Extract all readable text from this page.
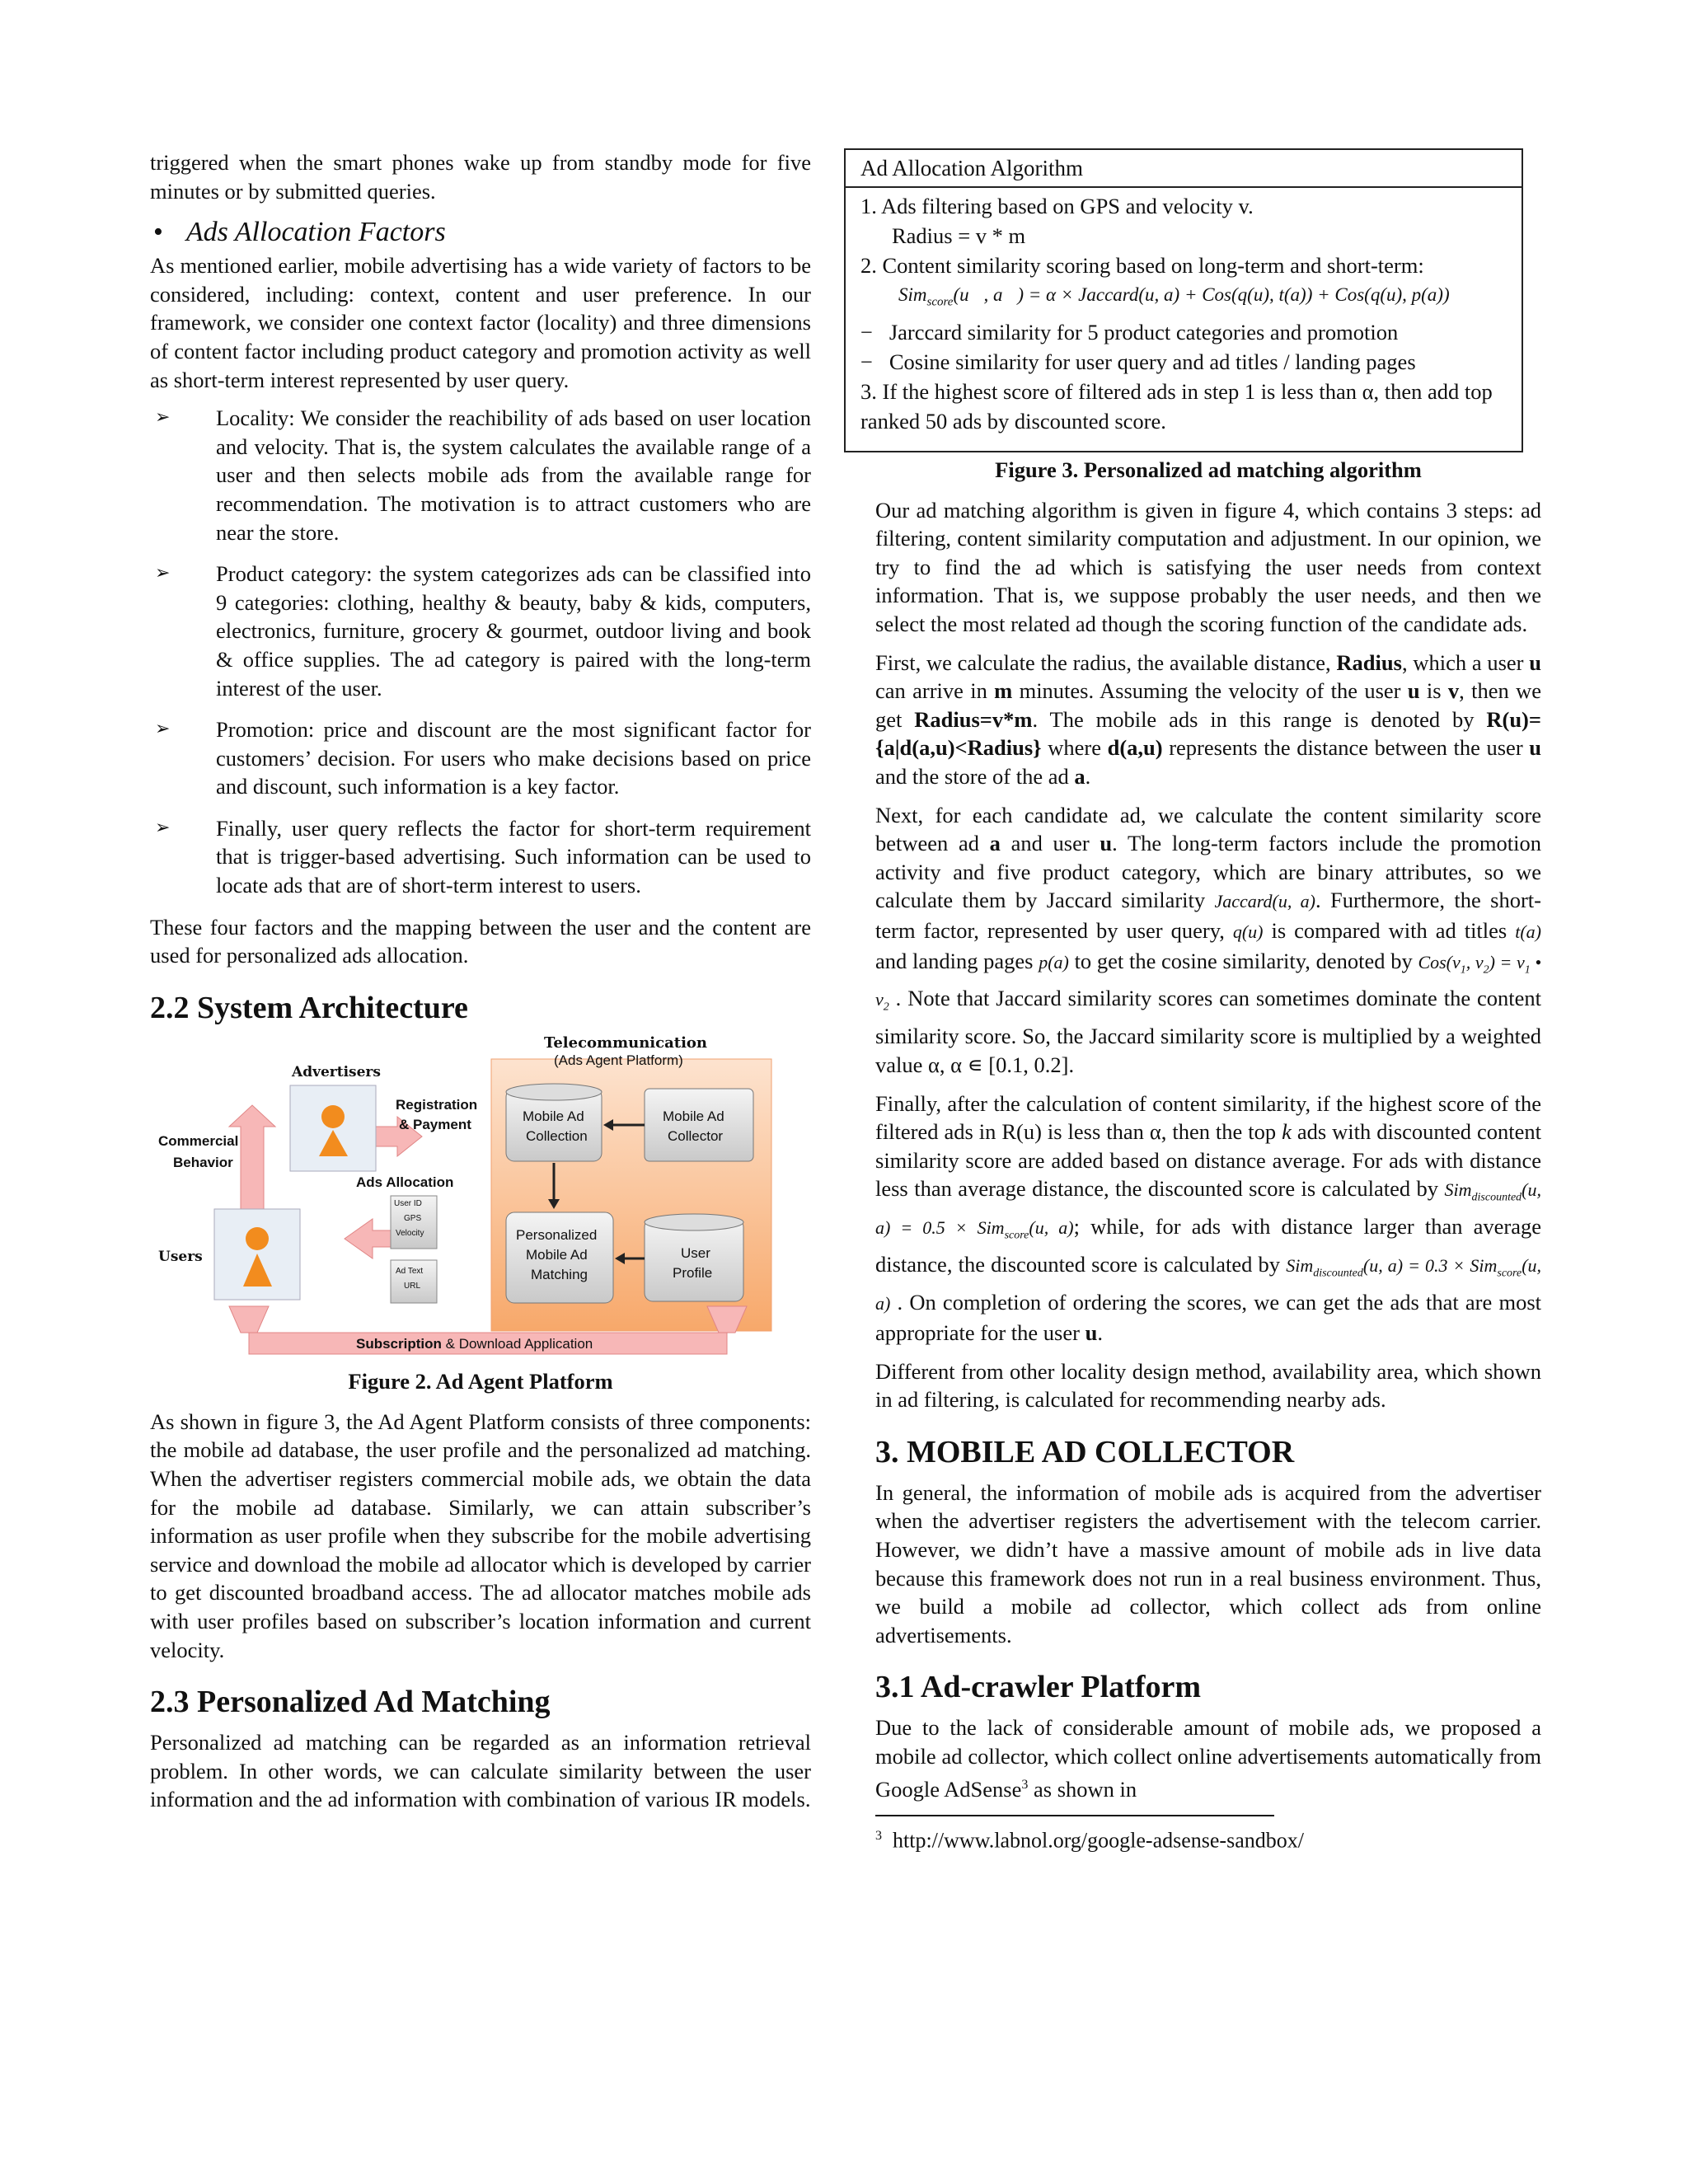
triggered when the smart phones wake up from standby mode for five minutes or by submitted queries.

• Ads Allocation Factors

As mentioned earlier, mobile advertising has a wide variety of factors to be considered, including: context, content and user preference. In our framework, we consider one context factor (locality) and three dimensions of content factor including product category and promotion activity as well as short-term interest represented by user query.

➢ Locality: We consider the reachibility of ads based on user location and velocity. That is, the system calculates the available range of a user and then selects mobile ads from the available range for recommendation. The motivation is to attract customers who are near the store.
➢ Product category: the system categorizes ads can be classified into 9 categories: clothing, healthy & beauty, baby & kids, computers, electronics, furniture, grocery & gourmet, outdoor living and book & office supplies. The ad category is paired with the long-term interest of the user.
➢ Promotion: price and discount are the most significant factor for customers’ decision. For users who make decisions based on price and discount, such information is a key factor.
➢ Finally, user query reflects the factor for short-term requirement that is trigger-based advertising. Such information can be used to locate ads that are of short-term interest to users.

These four factors and the mapping between the user and the content are used for personalized ads allocation.

2.2 System Architecture
Telecommunication
(Ads Agent Platform)
Advertisers
Registration
& Payment
Commercial
Behavior
Ads Allocation
Users
User ID
GPS
Velocity
Ad Text
URL
Mobile Ad
Collection
Mobile Ad
Collector
Personalized
Mobile Ad
Matching
User
Profile
Subscription & Download Application
Figure 2. Ad Agent Platform

As shown in figure 3, the Ad Agent Platform consists of three components: the mobile ad database, the user profile and the personalized ad matching. When the advertiser registers commercial mobile ads, we obtain the data for the mobile ad database. Similarly, we can attain subscriber’s information as user profile when they subscribe for the mobile advertising service and download the mobile ad allocator which is developed by carrier to get discounted broadband access. The ad allocator matches mobile ads with user profiles based on subscriber’s location information and current velocity.

2.3 Personalized Ad Matching

Personalized ad matching can be regarded as an information retrieval problem. In other words, we can calculate similarity between the user information and the ad information with combination of various IR models.

Ad Allocation Algorithm
1. Ads filtering based on GPS and velocity v.
Radius = v * m
2. Content similarity scoring based on long-term and short-term:
Sim$_{score}$(u⃗, a⃗) = α × Jaccard(u, a) + Cos(q(u), t(a)) + Cos(q(u), p(a))
−   Jarccard similarity for 5 product categories and promotion
−   Cosine similarity for user query and ad titles / landing pages
3. If the highest score of filtered ads in step 1 is less than α, then add top ranked 50 ads by discounted score.
Figure 3. Personalized ad matching algorithm

Our ad matching algorithm is given in figure 4, which contains 3 steps: ad filtering, content similarity computation and adjustment. In our opinion, we try to find the ad which is satisfying the user needs from context information. That is, we suppose probably the user needs, and then we select the most related ad though the scoring function of the candidate ads.

First, we calculate the radius, the available distance, Radius, which a user u can arrive in m minutes. Assuming the velocity of the user u is v, then we get Radius=v*m. The mobile ads in this range is denoted by R(u)={a|d(a,u)<Radius} where d(a,u) represents the distance between the user u and the store of the ad a.

Next, for each candidate ad, we calculate the content similarity score between ad a and user u. The long-term factors include the promotion activity and five product category, which are binary attributes, so we calculate them by Jaccard similarity Jaccard(u, a). Furthermore, the short-term factor, represented by user query, q(u) is compared with ad titles t(a) and landing pages p(a) to get the cosine similarity, denoted by $Cos(v_1$, $v_2) = v_1$ • $v_2$ . Note that Jaccard similarity scores can sometimes dominate the content similarity score. So, the Jaccard similarity score is multiplied by a weighted value α, α ∊ [0.1, 0.2].

Finally, after the calculation of content similarity, if the highest score of the filtered ads in R(u) is less than α, then the top k ads with discounted content similarity score are added based on distance average. For ads with distance less than average distance, the discounted score is calculated by Sim$_{discounted}$(u, a) = 0.5 × Sim$_{score}$(u, a); while, for ads with distance larger than average distance, the discounted score is calculated by Sim$_{discounted}$(u, a) = 0.3 × Sim$_{score}$(u, a) . On completion of ordering the scores, we can get the ads that are most appropriate for the user u.

Different from other locality design method, availability area, which shown in ad filtering, is calculated for recommending nearby ads.

3. MOBILE AD COLLECTOR

In general, the information of mobile ads is acquired from the advertiser when the advertiser registers the advertisement with the telecom carrier. However, we didn’t have a massive amount of mobile ads in live data because this framework does not run in a real business environment. Thus, we build a mobile ad collector, which collect ads from online advertisements.

3.1 Ad-crawler Platform

Due to the lack of considerable amount of mobile ads, we proposed a mobile ad collector, which collect online advertisements automatically from Google AdSense$^3$ as shown in

$^3$ http://www.labnol.org/google-adsense-sandbox/
